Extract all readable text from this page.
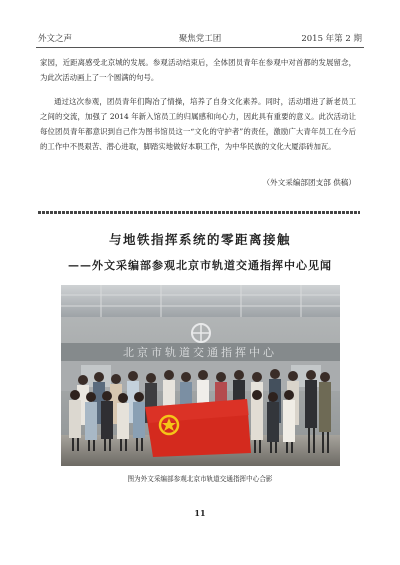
外文之声	聚焦党工团	2015 年第 2 期

家园，近距离感受北京城的发展。参观活动结束后，全体团员青年在参观中对首都的发展留念，为此次活动画上了一个圆满的句号。

通过这次参观，团员青年们陶冶了情操，培养了自身文化素养。同时，活动增进了新老员工之间的交流，加强了 2014 年新入馆员工的归属感和向心力，因此具有重要的意义。此次活动让每位团员青年都意识到自己作为图书馆员这一“文化的守护者”的责任，激励广大青年员工在今后的工作中不畏艰苦、潜心进取，脚踏实地做好本职工作，为中华民族的文化大厦添砖加瓦。

（外文采编部团支部 供稿）
与地铁指挥系统的零距离接触
——外文采编部参观北京市轨道交通指挥中心见闻
北京市轨道交通指挥中心
图为外文采编部参观北京市轨道交通指挥中心合影
11
